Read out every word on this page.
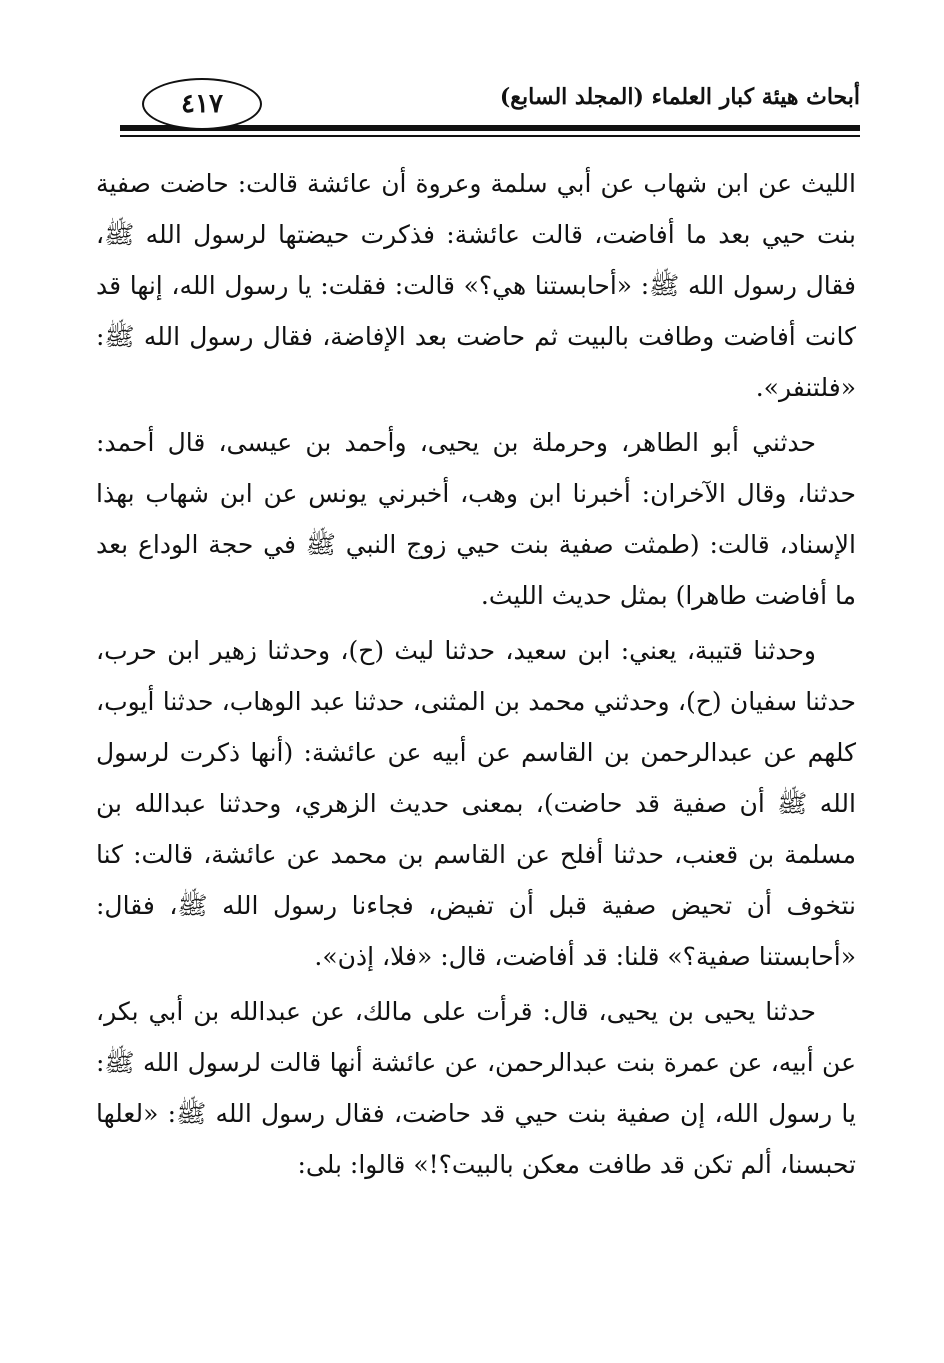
٤١٧	أبحاث هيئة كبار العلماء (المجلد السابع)

الليث عن ابن شهاب عن أبي سلمة وعروة أن عائشة قالت: حاضت صفية بنت حيي بعد ما أفاضت، قالت عائشة: فذكرت حيضتها لرسول الله ﷺ، فقال رسول الله ﷺ: «أحابستنا هي؟» قالت: فقلت: يا رسول الله، إنها قد كانت أفاضت وطافت بالبيت ثم حاضت بعد الإفاضة، فقال رسول الله ﷺ: «فلتنفر».

حدثني أبو الطاهر، وحرملة بن يحيى، وأحمد بن عيسى، قال أحمد: حدثنا، وقال الآخران: أخبرنا ابن وهب، أخبرني يونس عن ابن شهاب بهذا الإسناد، قالت: (طمثت صفية بنت حيي زوج النبي ﷺ في حجة الوداع بعد ما أفاضت طاهرا) بمثل حديث الليث.

وحدثنا قتيبة، يعني: ابن سعيد، حدثنا ليث (ح)، وحدثنا زهير ابن حرب، حدثنا سفيان (ح)، وحدثني محمد بن المثنى، حدثنا عبد الوهاب، حدثنا أيوب، كلهم عن عبدالرحمن بن القاسم عن أبيه عن عائشة: (أنها ذكرت لرسول الله ﷺ أن صفية قد حاضت)، بمعنى حديث الزهري، وحدثنا عبدالله بن مسلمة بن قعنب، حدثنا أفلح عن القاسم بن محمد عن عائشة، قالت: كنا نتخوف أن تحيض صفية قبل أن تفيض، فجاءنا رسول الله ﷺ، فقال: «أحابستنا صفية؟» قلنا: قد أفاضت، قال: «فلا، إذن».

حدثنا يحيى بن يحيى، قال: قرأت على مالك، عن عبدالله بن أبي بكر، عن أبيه، عن عمرة بنت عبدالرحمن، عن عائشة أنها قالت لرسول الله ﷺ: يا رسول الله، إن صفية بنت حيي قد حاضت، فقال رسول الله ﷺ: «لعلها تحبسنا، ألم تكن قد طافت معكن بالبيت؟!» قالوا: بلى:
